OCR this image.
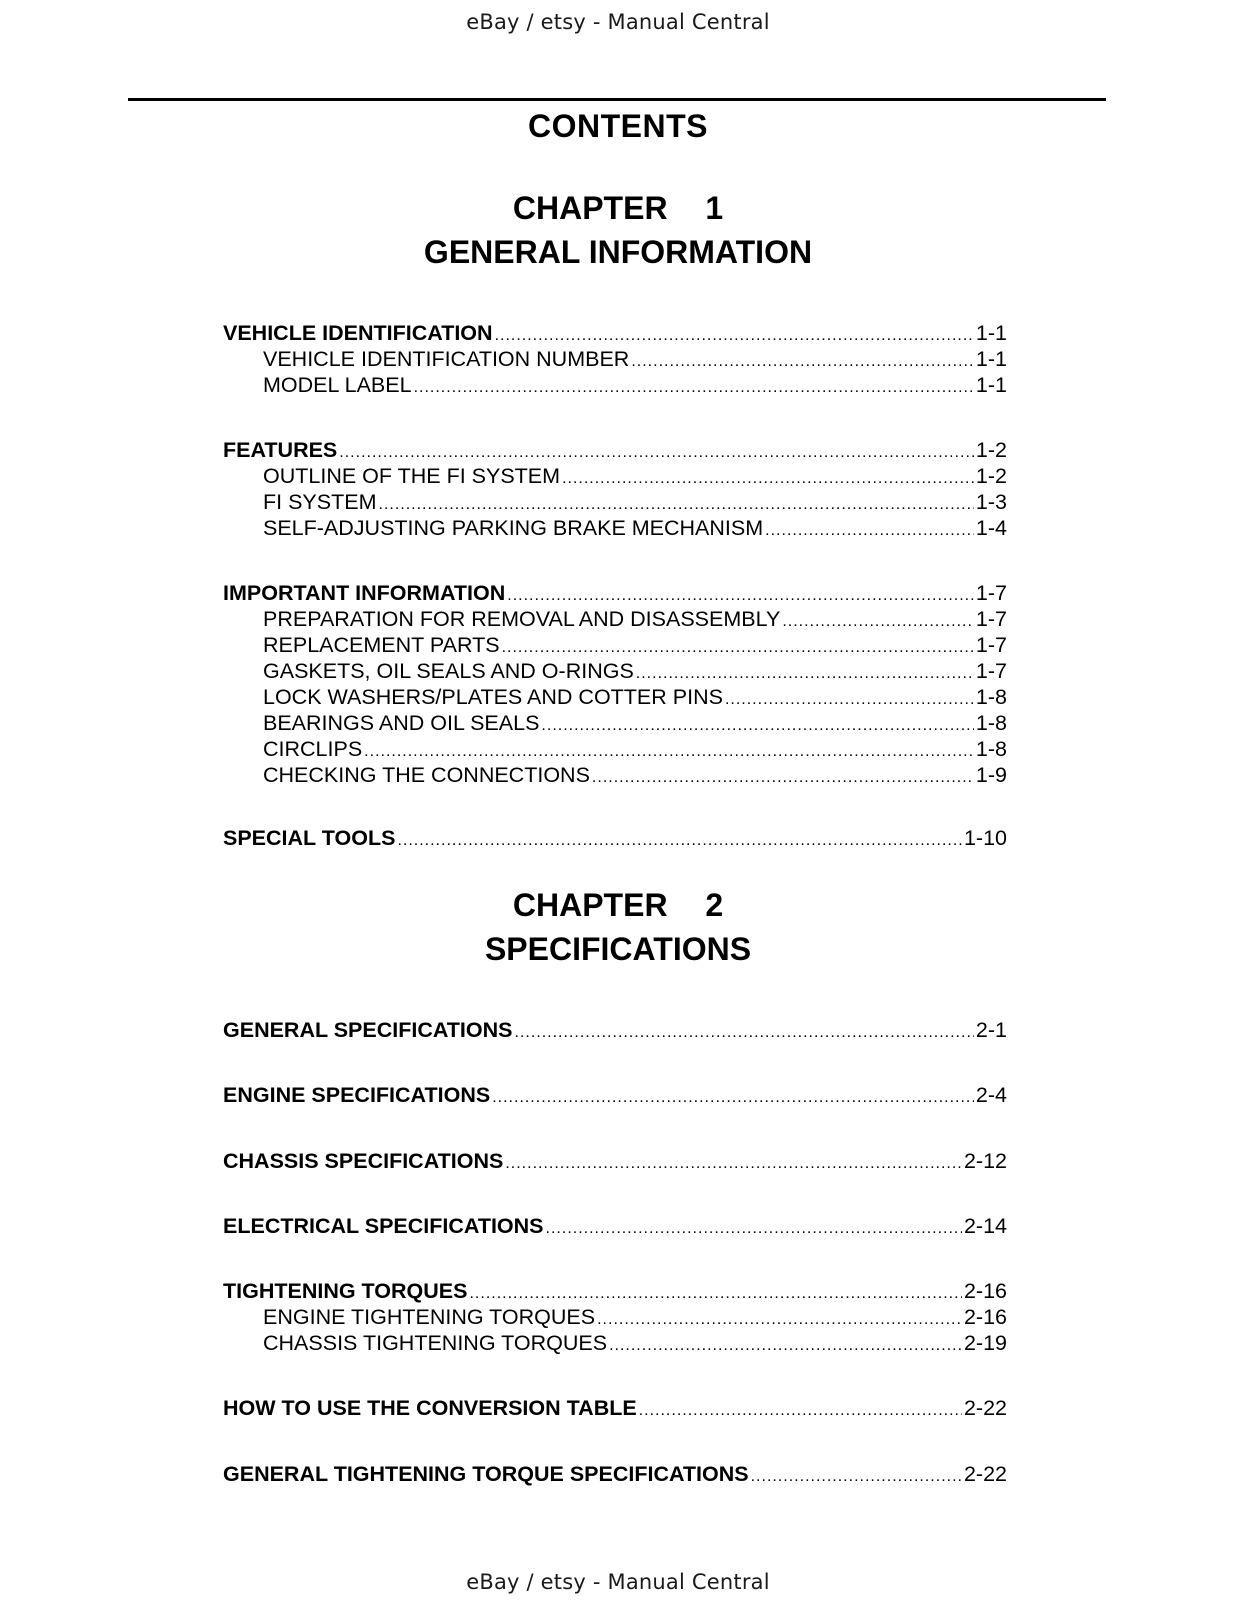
eBay / etsy - Manual Central
CONTENTS
CHAPTER  1
GENERAL INFORMATION
VEHICLE IDENTIFICATION .....	1-1
VEHICLE IDENTIFICATION NUMBER .....	1-1
MODEL LABEL .....	1-1
FEATURES .....	1-2
OUTLINE OF THE FI SYSTEM .....	1-2
FI SYSTEM .....	1-3
SELF-ADJUSTING PARKING BRAKE MECHANISM .....	1-4
IMPORTANT INFORMATION .....	1-7
PREPARATION FOR REMOVAL AND DISASSEMBLY .....	1-7
REPLACEMENT PARTS .....	1-7
GASKETS, OIL SEALS AND O-RINGS .....	1-7
LOCK WASHERS/PLATES AND COTTER PINS .....	1-8
BEARINGS AND OIL SEALS .....	1-8
CIRCLIPS .....	1-8
CHECKING THE CONNECTIONS .....	1-9
SPECIAL TOOLS .....	1-10
CHAPTER  2
SPECIFICATIONS
GENERAL SPECIFICATIONS .....	2-1
ENGINE SPECIFICATIONS .....	2-4
CHASSIS SPECIFICATIONS .....	2-12
ELECTRICAL SPECIFICATIONS .....	2-14
TIGHTENING TORQUES .....	2-16
ENGINE TIGHTENING TORQUES .....	2-16
CHASSIS TIGHTENING TORQUES .....	2-19
HOW TO USE THE CONVERSION TABLE .....	2-22
GENERAL TIGHTENING TORQUE SPECIFICATIONS .....	2-22
eBay / etsy - Manual Central
